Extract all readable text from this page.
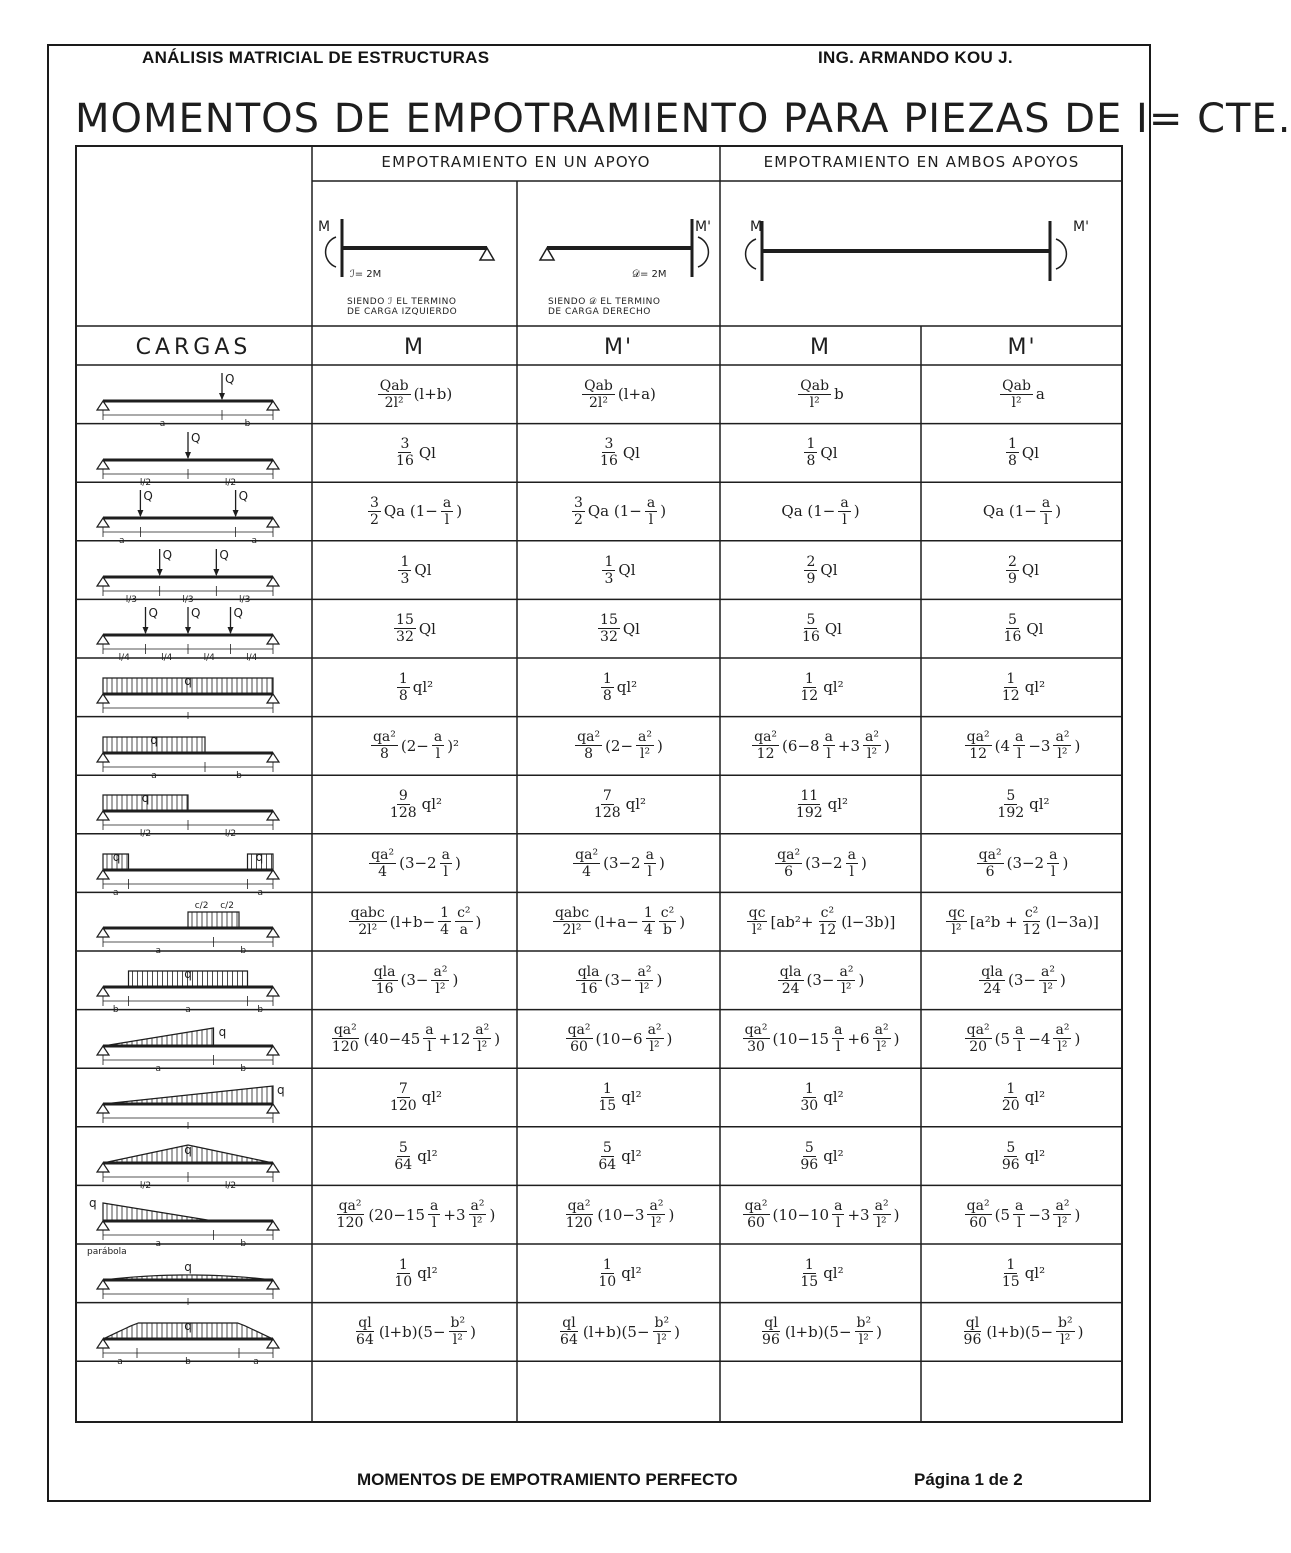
ANÁLISIS MATRICIAL DE ESTRUCTURAS	ING. ARMANDO KOU J.
MOMENTOS DE EMPOTRAMIENTO PARA PIEZAS DE I= CTE.
EMPOTRAMIENTO EN UN APOYO	EMPOTRAMIENTO EN AMBOS APOYOS
CARGAS	M	M'	M	M'
M
ℐ= 2M
M'
𝒟= 2M
M	M'
SIENDO ℐ EL TERMINO
DE CARGA IZQUIERDO
SIENDO 𝒟 EL TERMINO
DE CARGA DERECHO
Q
a	b
$\frac{\text{Qab}}{\text{2l²}} (l+b)$	$\frac{\text{Qab}}{\text{2l²}} (l+a)$	$\frac{\text{Qab}}{\text{l²}}$ b	$\frac{\text{Qab}}{\text{l²}}$ a
Q
l/2	l/2
$\frac{3}{16}$ Ql	$\frac{3}{16}$ Ql	$\frac{1}{8}$ Ql	$\frac{1}{8}$ Ql
Q	Q
a	a
$\frac{3}{2}$ Qa ($1- \frac{a}{l}$ )	$\frac{3}{2}$ Qa ($1- \frac{a}{l}$ )	Qa ($1- \frac{a}{l}$ )	Qa ($1- \frac{a}{l}$ )
Q	Q
l/3	l/3	l/3
$\frac{1}{3}$ Ql	$\frac{1}{3}$ Ql	$\frac{2}{9}$ Ql	$\frac{2}{9}$ Ql
Q	Q	Q
l/4	l/4	l/4	l/4
$\frac{15}{32}$ Ql	$\frac{15}{32}$ Ql	$\frac{5}{16}$ Ql	$\frac{5}{16}$ Ql
q
l
$\frac{1}{8} ql^2$	$\frac{1}{8} ql^2$	$\frac{1}{12} ql^2$	$\frac{1}{12} ql^2$
q
a	b
$\frac{\text{qa²}}{8} (2- \frac{a}{l} )^2$	$\frac{\text{qa²}}{8} (2- \frac{\text{a²}}{\text{l²}}$ )	$\frac{\text{qa²}}{12} (6-8 \frac{a}{l} +3 \frac{\text{a²}}{\text{l²}}$ )	$\frac{\text{qa²}}{12} (4 \frac{a}{l} -3 \frac{\text{a²}}{\text{l²}}$ )
q
l/2	l/2
$\frac{9}{128} ql^2$	$\frac{7}{128} ql^2$	$\frac{11}{192} ql^2$	$\frac{5}{192} ql^2$
q	q
a	a
$\frac{\text{qa²}}{4} (3-2 \frac{a}{l}$ )	$\frac{\text{qa²}}{4} (3-2 \frac{a}{l}$ )	$\frac{\text{qa²}}{6} (3-2 \frac{a}{l}$ )	$\frac{\text{qa²}}{6} (3-2 \frac{a}{l}$ )
c/2 c/2
a	b
$\frac{\text{qabc}}{\text{2l²}} (l+b- \frac{1}{4} \frac{\text{c²}}{a}$ )	$\frac{\text{qabc}}{\text{2l²}} (l+a- \frac{1}{4} \frac{\text{c²}}{b}$ )	$\frac{qc}{\text{l²}} [ab^2+ \frac{\text{c²}}{12} (l-3b)]$	$\frac{qc}{\text{l²}} [a^2b + \frac{\text{c²}}{12} (l-3a)]$
q
b	a	b
$\frac{\text{qla}}{16} (3- \frac{\text{a²}}{\text{l²}}$ )	$\frac{\text{qla}}{16} (3- \frac{\text{a²}}{\text{l²}}$ )	$\frac{\text{qla}}{24} (3- \frac{\text{a²}}{\text{l²}}$ )	$\frac{\text{qla}}{24} (3- \frac{\text{a²}}{\text{l²}}$ )
q
a	b
$\frac{\text{qa²}}{120} (40-45 \frac{a}{l} +12 \frac{\text{a²}}{\text{l²}}$ )	$\frac{\text{qa²}}{60} (10-6 \frac{\text{a²}}{\text{l²}}$ )	$\frac{\text{qa²}}{30} (10-15 \frac{a}{l} +6 \frac{\text{a²}}{\text{l²}}$ )	$\frac{\text{qa²}}{20} (5 \frac{a}{l} -4 \frac{\text{a²}}{\text{l²}}$ )
q
l
$\frac{7}{120} ql^2$	$\frac{1}{15} ql^2$	$\frac{1}{30} ql^2$	$\frac{1}{20} ql^2$
q
l/2	l/2
$\frac{5}{64} ql^2$	$\frac{5}{64} ql^2$	$\frac{5}{96} ql^2$	$\frac{5}{96} ql^2$
q
a	b
$\frac{\text{qa²}}{120} (20-15 \frac{a}{l} +3 \frac{\text{a²}}{\text{l²}}$ )	$\frac{\text{qa²}}{120} (10-3 \frac{\text{a²}}{\text{l²}}$ )	$\frac{\text{qa²}}{60} (10-10 \frac{a}{l} +3 \frac{\text{a²}}{\text{l²}}$ )	$\frac{\text{qa²}}{60} (5 \frac{a}{l} -3 \frac{\text{a²}}{\text{l²}}$ )
q
parábola
l
$\frac{1}{10} ql^2$	$\frac{1}{10} ql^2$	$\frac{1}{15} ql^2$	$\frac{1}{15} ql^2$
q
a	b	a
$\frac{ql}{64} (l+b)(5- \frac{\text{b²}}{\text{l²}}$ )	$\frac{ql}{64} (l+b)(5- \frac{\text{b²}}{\text{l²}}$ )	$\frac{ql}{96} (l+b)(5- \frac{\text{b²}}{\text{l²}}$ )	$\frac{ql}{96} (l+b)(5- \frac{\text{b²}}{\text{l²}}$ )
MOMENTOS DE EMPOTRAMIENTO PERFECTO	Página 1 de 2
